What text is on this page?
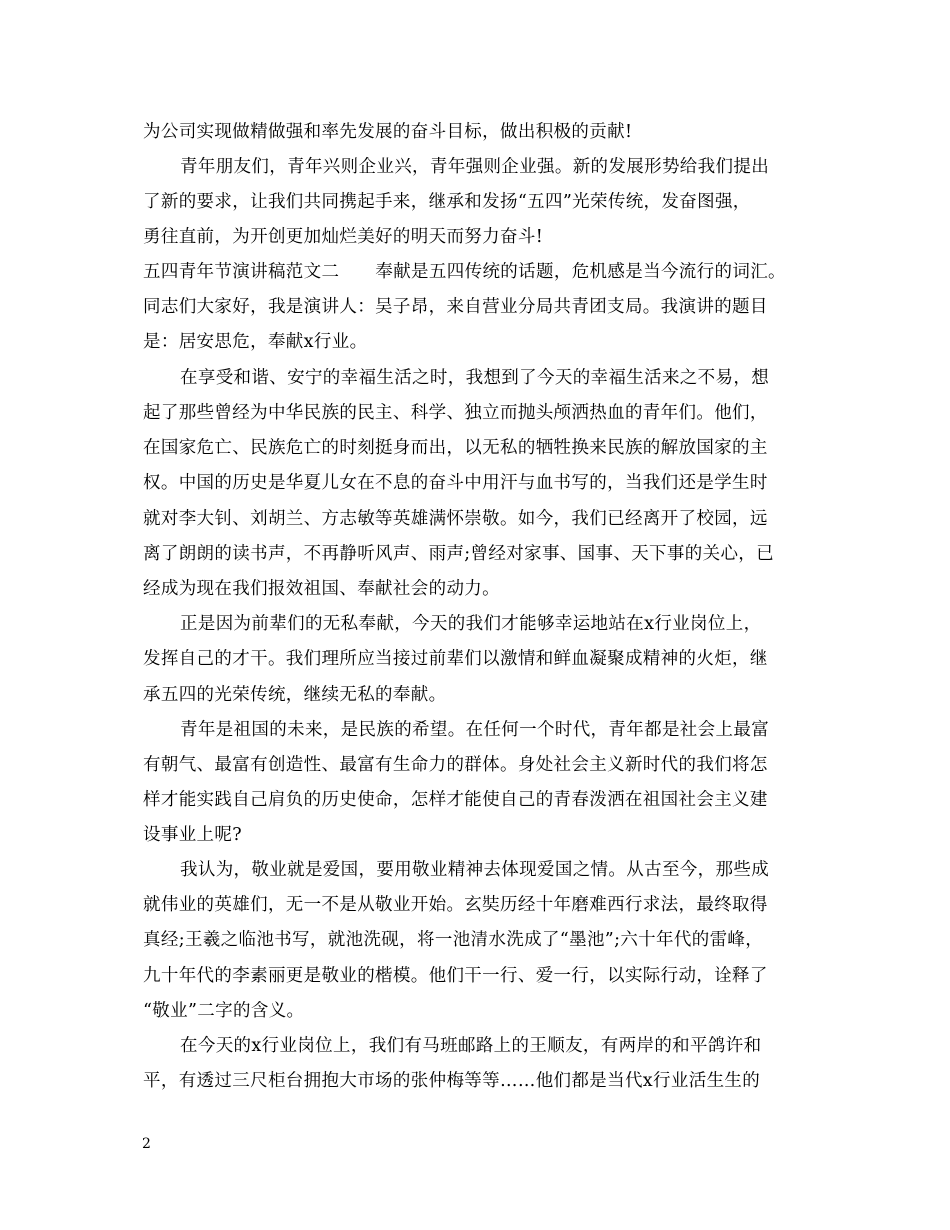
为公司实现做精做强和率先发展的奋斗目标，做出积极的贡献!
青年朋友们，青年兴则企业兴，青年强则企业强。新的发展形势给我们提出
了新的要求，让我们共同携起手来，继承和发扬“五四”光荣传统，发奋图强，
勇往直前，为开创更加灿烂美好的明天而努力奋斗!
五四青年节演讲稿范文二 奉献是五四传统的话题，危机感是当今流行的词汇。
同志们大家好，我是演讲人：吴子昂，来自营业分局共青团支局。我演讲的题目
是：居安思危，奉献x行业。
在享受和谐、安宁的幸福生活之时，我想到了今天的幸福生活来之不易，想
起了那些曾经为中华民族的民主、科学、独立而抛头颅洒热血的青年们。他们，
在国家危亡、民族危亡的时刻挺身而出，以无私的牺牲换来民族的解放国家的主
权。中国的历史是华夏儿女在不息的奋斗中用汗与血书写的，当我们还是学生时
就对李大钊、刘胡兰、方志敏等英雄满怀崇敬。如今，我们已经离开了校园，远
离了朗朗的读书声，不再静听风声、雨声;曾经对家事、国事、天下事的关心，已
经成为现在我们报效祖国、奉献社会的动力。
正是因为前辈们的无私奉献，今天的我们才能够幸运地站在x行业岗位上，
发挥自己的才干。我们理所应当接过前辈们以激情和鲜血凝聚成精神的火炬，继
承五四的光荣传统，继续无私的奉献。
青年是祖国的未来，是民族的希望。在任何一个时代，青年都是社会上最富
有朝气、最富有创造性、最富有生命力的群体。身处社会主义新时代的我们将怎
样才能实践自己肩负的历史使命，怎样才能使自己的青春泼洒在祖国社会主义建
设事业上呢?
我认为，敬业就是爱国，要用敬业精神去体现爱国之情。从古至今，那些成
就伟业的英雄们，无一不是从敬业开始。玄奘历经十年磨难西行求法，最终取得
真经;王羲之临池书写，就池洗砚，将一池清水洗成了“墨池”;六十年代的雷峰，
九十年代的李素丽更是敬业的楷模。他们干一行、爱一行，以实际行动，诠释了
“敬业”二字的含义。
在今天的x行业岗位上，我们有马班邮路上的王顺友，有两岸的和平鸽许和
平，有透过三尺柜台拥抱大市场的张仲梅等等……他们都是当代x行业活生生的
2
